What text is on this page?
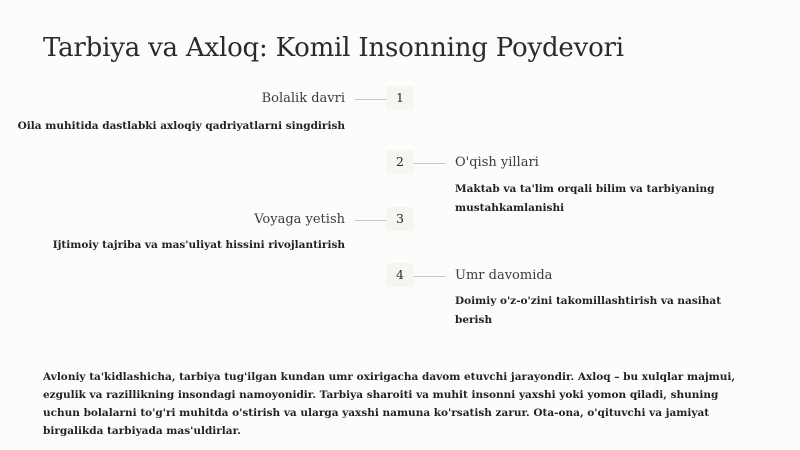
Tarbiya va Axloq: Komil Insonning Poydevori
1

Bolalik davri

Oila muhitida dastlabki axloqiy qadriyatlarni singdirish

2	O'qish yillari

Maktab va ta'lim orqali bilim va tarbiyaning mustahkamlanishi

3

Voyaga yetish

Ijtimoiy tajriba va mas'uliyat hissini rivojlantirish

4	Umr davomida

Doimiy o'z-o'zini takomillashtirish va nasihat berish

Avloniy ta'kidlashicha, tarbiya tug'ilgan kundan umr oxirigacha davom etuvchi jarayondir. Axloq – bu xulqlar majmui, ezgulik va razillikning insondagi namoyonidir. Tarbiya sharoiti va muhit insonni yaxshi yoki yomon qiladi, shuning uchun bolalarni to'g'ri muhitda o'stirish va ularga yaxshi namuna ko'rsatish zarur. Ota-ona, o'qituvchi va jamiyat birgalikda tarbiyada mas'uldirlar.
